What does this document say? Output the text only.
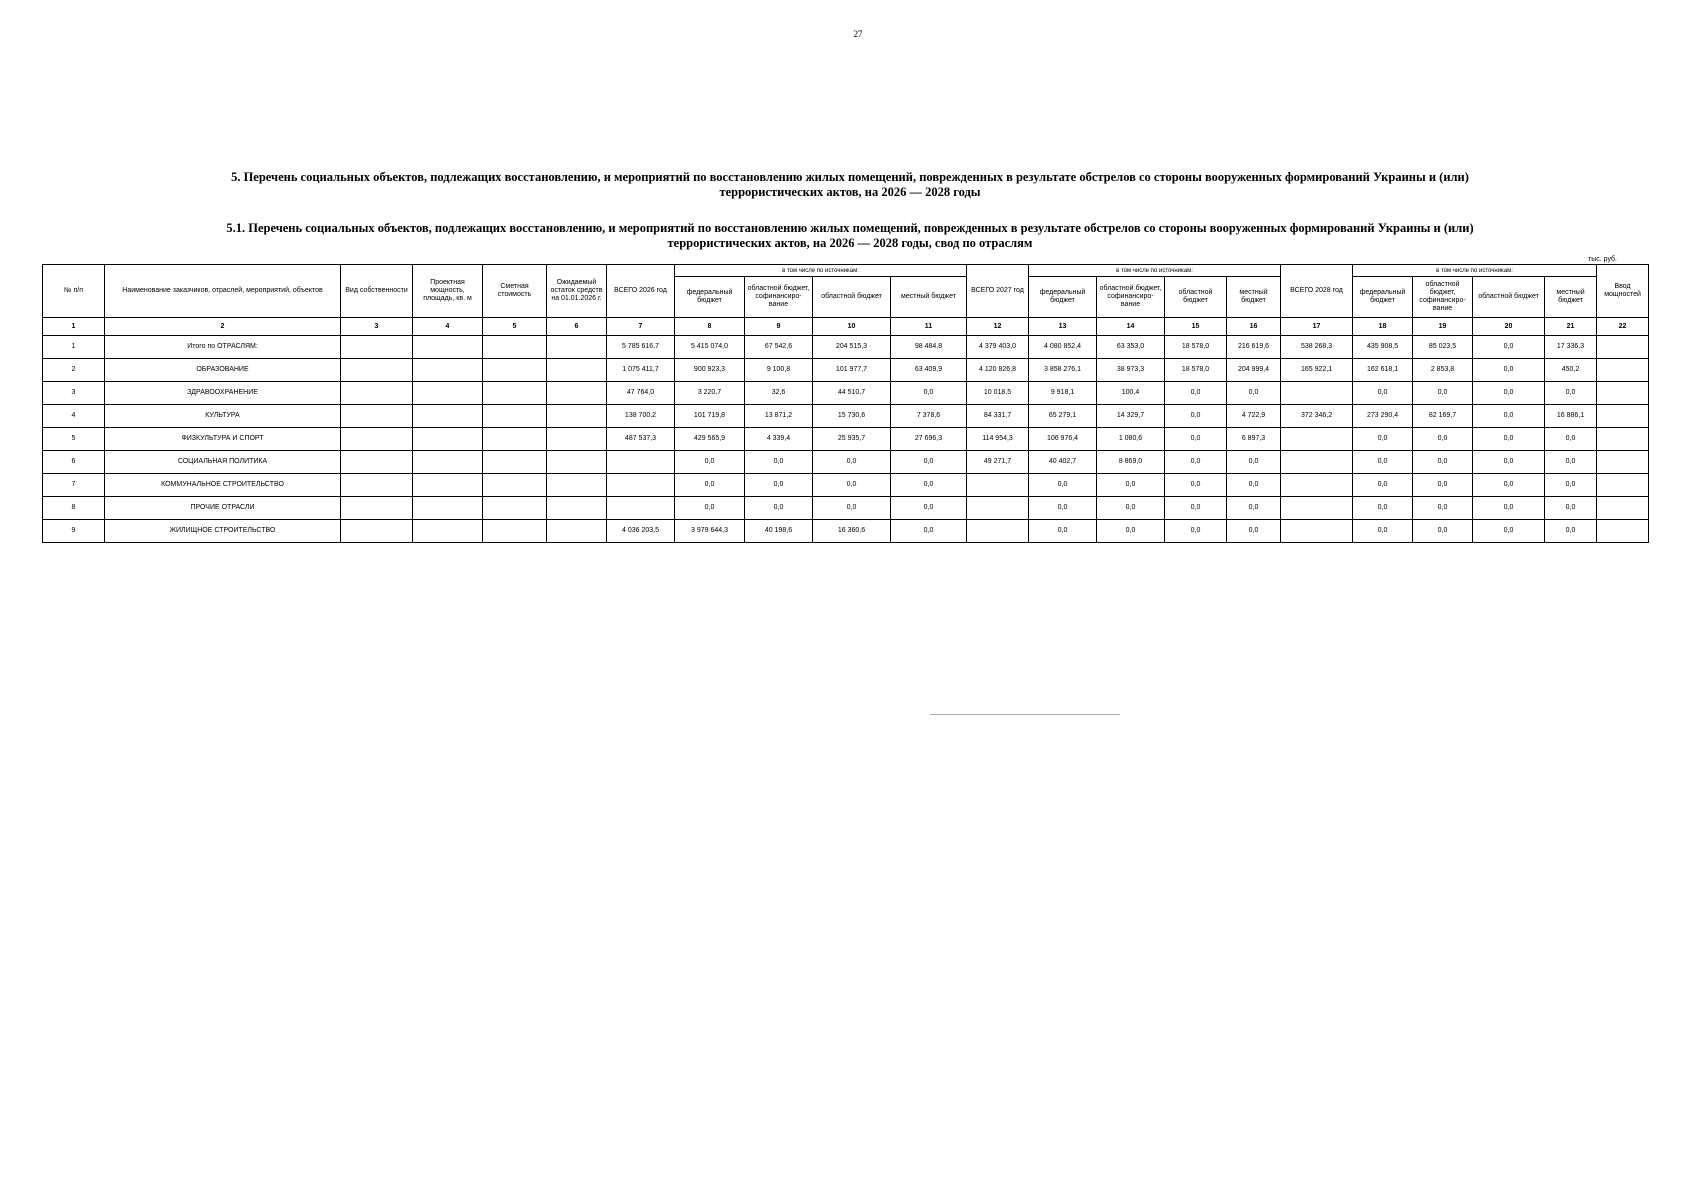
27
5. Перечень социальных объектов, подлежащих восстановлению, и мероприятий по восстановлению жилых помещений, поврежденных в результате обстрелов со стороны вооруженных формирований Украины и (или) террористических актов, на 2026 — 2028 годы
5.1. Перечень социальных объектов, подлежащих восстановлению, и мероприятий по восстановлению жилых помещений, поврежденных в результате обстрелов со стороны вооруженных формирований Украины и (или) террористических актов, на 2026 — 2028 годы, свод по отраслям
тыс. руб.
№ п/п	Наименование заказчиков, отраслей, мероприятий, объектов	Вид собственности	Проектная мощность, площадь, кв. м	Сметная стоимость	Ожидаемый остаток средств на 01.01.2026 г.	ВСЕГО 2026 год	в том числе по источникам:				ВСЕГО 2027 год	в том числе по источникам:				ВСЕГО 2028 год	в том числе по источникам:				Ввод мощностей
							федеральный бюджет	областной бюджет, софинансиро-вание	областной бюджет	местный бюджет		федеральный бюджет	областной бюджет, софинансиро-вание	областной бюджет	местный бюджет		федеральный бюджет	областной бюджет, софинансиро-вание	областной бюджет	местный бюджет	
1	2	3	4	5	6	7	8	9	10	11	12	13	14	15	16	17	18	19	20	21	22
1	Итого по ОТРАСЛЯМ:					5 785 616,7	5 415 074,0	67 542,6	204 515,3	98 484,8	4 379 403,0	4 080 852,4	63 353,0	18 578,0	216 619,6	538 268,3	435 908,5	85 023,5	0,0	17 336,3	
2	ОБРАЗОВАНИЕ					1 075 411,7	900 923,3	9 100,8	101 977,7	63 409,9	4 120 826,8	3 858 276,1	38 973,3	18 578,0	204 999,4	165 922,1	162 618,1	2 853,8	0,0	450,2	
3	ЗДРАВООХРАНЕНИЕ					47 764,0	3 220,7	32,6	44 510,7	0,0	10 018,5	9 918,1	100,4	0,0	0,0		0,0	0,0	0,0	0,0	
4	КУЛЬТУРА					138 700,2	101 719,8	13 871,2	15 730,6	7 378,6	84 331,7	65 279,1	14 329,7	0,0	4 722,9	372 346,2	273 290,4	82 169,7	0,0	16 886,1	
5	ФИЗКУЛЬТУРА И СПОРТ					487 537,3	429 565,9	4 339,4	25 935,7	27 696,3	114 954,3	106 976,4	1 080,6	0,0	6 897,3		0,0	0,0	0,0	0,0	
6	СОЦИАЛЬНАЯ ПОЛИТИКА						0,0	0,0	0,0	0,0	49 271,7	40 402,7	8 869,0	0,0	0,0		0,0	0,0	0,0	0,0	
7	КОММУНАЛЬНОЕ СТРОИТЕЛЬСТВО						0,0	0,0	0,0	0,0		0,0	0,0	0,0	0,0		0,0	0,0	0,0	0,0	
8	ПРОЧИЕ ОТРАСЛИ						0,0	0,0	0,0	0,0		0,0	0,0	0,0	0,0		0,0	0,0	0,0	0,0	
9	ЖИЛИЩНОЕ СТРОИТЕЛЬСТВО					4 036 203,5	3 979 644,3	40 198,6	16 360,6	0,0		0,0	0,0	0,0	0,0		0,0	0,0	0,0	0,0	
